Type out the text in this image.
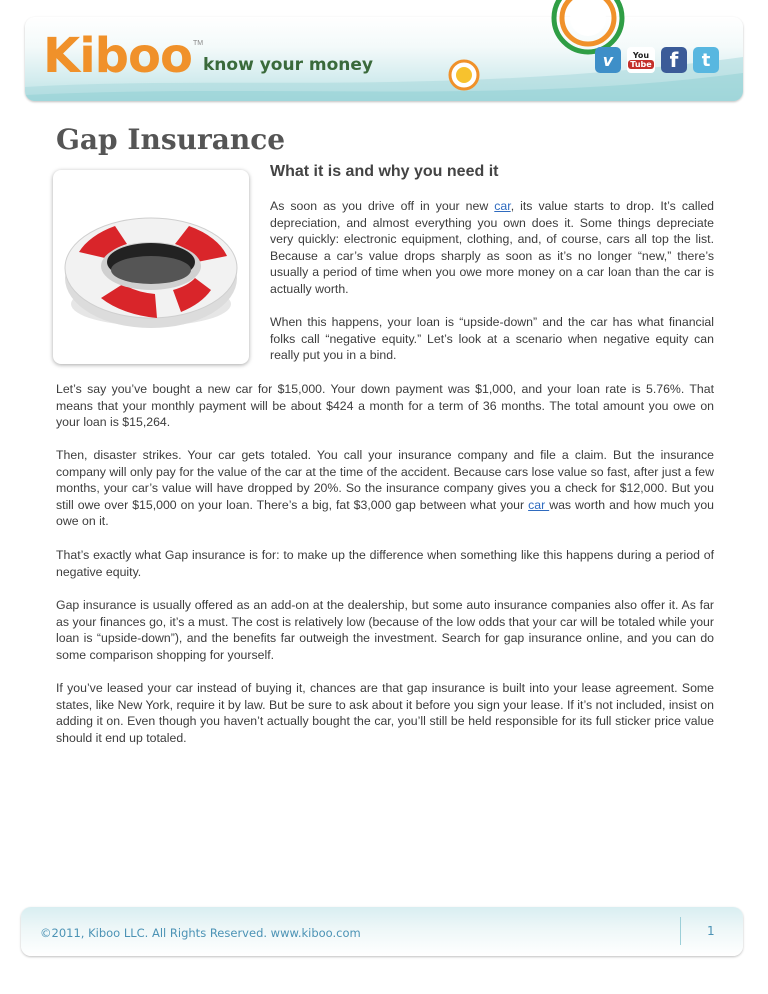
Kiboo TM
know your money	v You
Tube f t
Gap Insurance
What it is and why you need it

As soon as you drive off in your new car, its value starts to drop. It’s called depreciation, and almost everything you own does it. Some things depreciate very quickly: electronic equipment, clothing, and, of course, cars all top the list. Because a car’s value drops sharply as soon as it’s no longer “new,” there’s usually a period of time when you owe more money on a car loan than the car is actually worth.

When this happens, your loan is “upside-down” and the car has what financial folks call “negative equity.” Let’s look at a scenario when negative equity can really put you in a bind.

Let’s say you’ve bought a new car for $15,000. Your down payment was $1,000, and your loan rate is 5.76%. That means that your monthly payment will be about $424 a month for a term of 36 months. The total amount you owe on your loan is $15,264.

Then, disaster strikes. Your car gets totaled. You call your insurance company and file a claim. But the insurance company will only pay for the value of the car at the time of the accident. Because cars lose value so fast, after just a few months, your car’s value will have dropped by 20%. So the insurance company gives you a check for $12,000. But you still owe over $15,000 on your loan. There’s a big, fat $3,000 gap between what your car was worth and how much you owe on it.

That’s exactly what Gap insurance is for: to make up the difference when something like this happens during a period of negative equity.

Gap insurance is usually offered as an add-on at the dealership, but some auto insurance companies also offer it. As far as your finances go, it’s a must. The cost is relatively low (because of the low odds that your car will be totaled while your loan is “upside-down”), and the benefits far outweigh the investment. Search for gap insurance online, and you can do some comparison shopping for yourself.

If you’ve leased your car instead of buying it, chances are that gap insurance is built into your lease agreement. Some states, like New York, require it by law. But be sure to ask about it before you sign your lease. If it’s not included, insist on adding it on. Even though you haven’t actually bought the car, you’ll still be held responsible for its full sticker price value should it end up totaled.

©2011, Kiboo LLC. All Rights Reserved. www.kiboo.com	1
